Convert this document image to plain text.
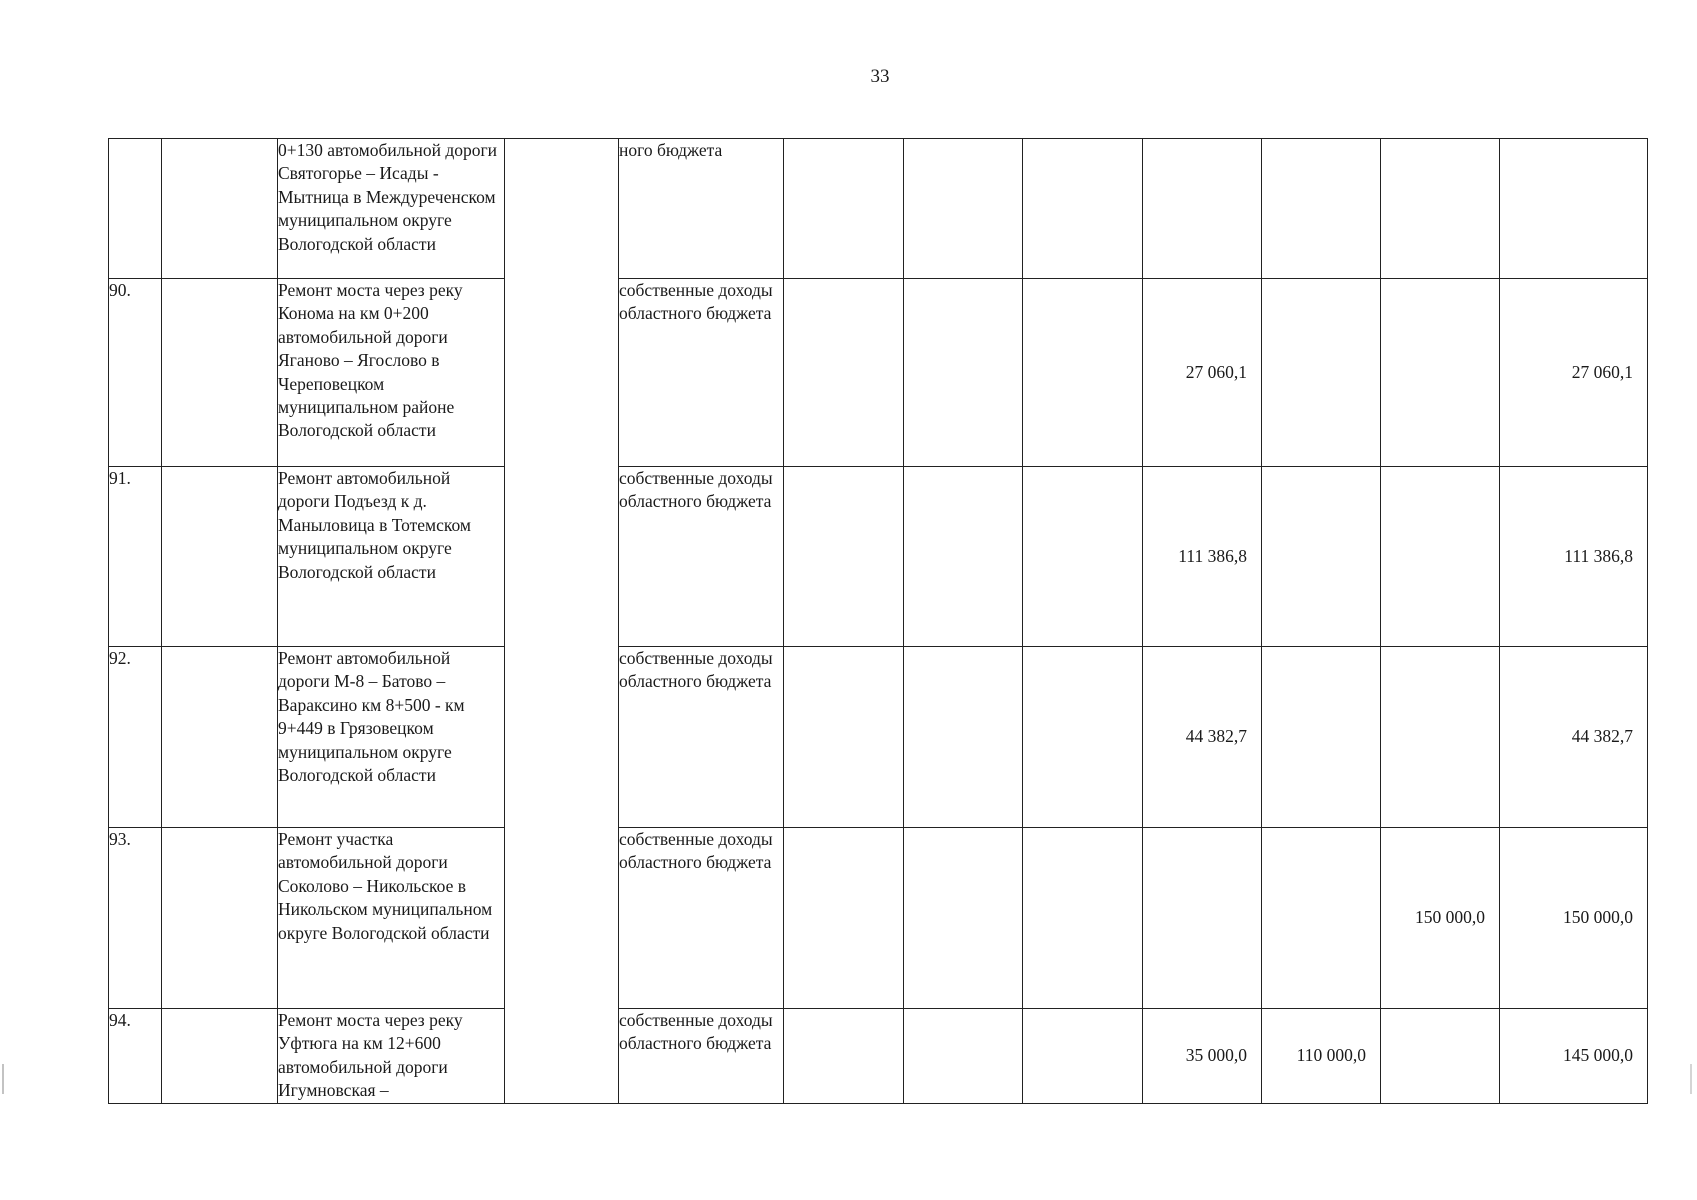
33
		0+130 автомобильной дороги Святогорье – Исады - Мытница в Междуреченском муниципальном округе Вологодской области		ного бюджета							
90.		Ремонт моста через реку Конома на км 0+200 автомобильной дороги Яганово – Ягослово в Череповецком муниципальном районе Вологодской области		собственные доходы областного бюджета				27 060,1			27 060,1
91.		Ремонт автомобильной дороги Подъезд к д. Маныловица в Тотемском муниципальном округе Вологодской области		собственные доходы областного бюджета				111 386,8			111 386,8
92.		Ремонт автомобильной дороги М-8 – Батово – Вараксино км 8+500 - км 9+449 в Грязовецком муниципальном округе Вологодской области		собственные доходы областного бюджета				44 382,7			44 382,7
93.		Ремонт участка автомобильной дороги Соколово – Никольское в Никольском муниципальном округе Вологодской области		собственные доходы областного бюджета						150 000,0	150 000,0
94.		Ремонт моста через реку Уфтюга на км 12+600 автомобильной дороги Игумновская –		собственные доходы областного бюджета				35 000,0	110 000,0		145 000,0
